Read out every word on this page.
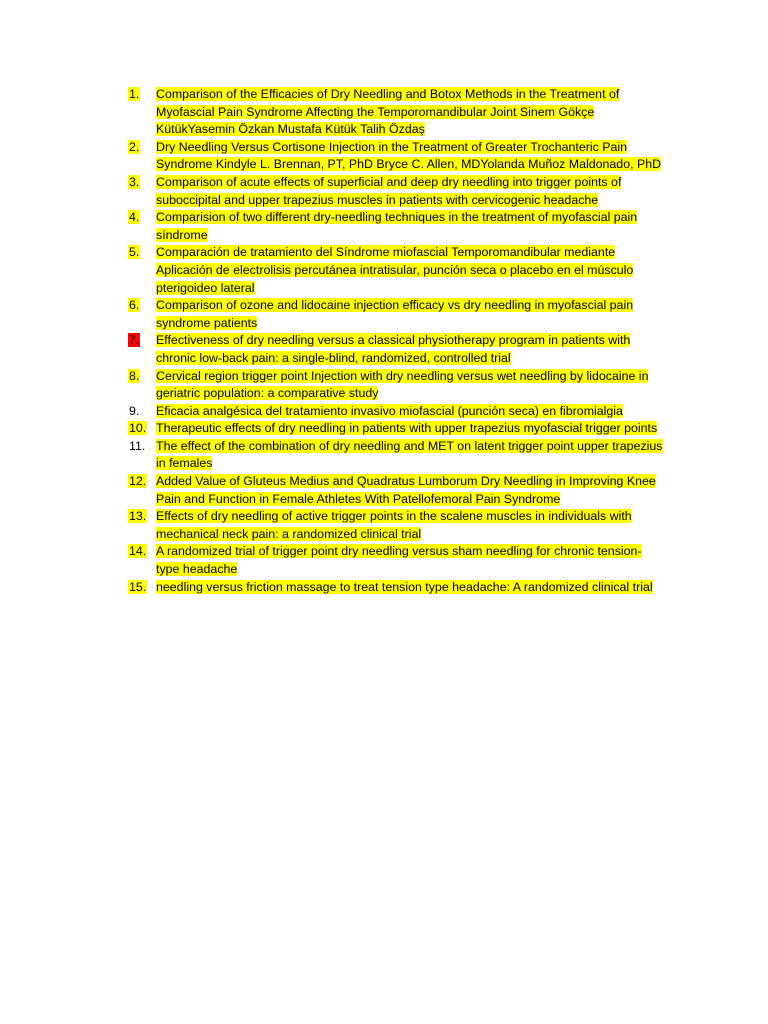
1.	Comparison of the Efficacies of Dry Needling and Botox Methods in the Treatment of Myofascial Pain Syndrome Affecting the Temporomandibular Joint Sinem Gökçe KütükYasemin Özkan Mustafa Kütük Talih Özdaş
2.	Dry Needling Versus Cortisone Injection in the Treatment of Greater Trochanteric Pain Syndrome Kindyle L. Brennan, PT, PhD Bryce C. Allen, MDYolanda Muñoz Maldonado, PhD
3.	Comparison of acute effects of superficial and deep dry needling into trigger points of suboccipital and upper trapezius muscles in patients with cervicogenic headache
4.	Comparision of two different dry-needling techniques in the treatment of myofascial pain síndrome
5.	Comparación de tratamiento del Síndrome miofascial Temporomandibular mediante Aplicación de electrolisis percutánea intratisular, punción seca o placebo en el músculo pterigoideo lateral
6.	Comparison of ozone and lidocaine injection efficacy vs dry needling in myofascial pain syndrome patients
7.	Effectiveness of dry needling versus a classical physiotherapy program in patients with chronic low-back pain: a single-blind, randomized, controlled trial
8.	Cervical region trigger point Injection with dry needling versus wet needling by lidocaine in geriatric population: a comparative study
9.	Eficacia analgésica del tratamiento invasivo miofascial (punción seca) en fibromialgia
10. Therapeutic effects of dry needling in patients with upper trapezius myofascial trigger points
11. The effect of the combination of dry needling and MET on latent trigger point upper trapezius in females
12. Added Value of Gluteus Medius and Quadratus Lumborum Dry Needling in Improving Knee Pain and Function in Female Athletes With Patellofemoral Pain Syndrome
13. Effects of dry needling of active trigger points in the scalene muscles in individuals with mechanical neck pain: a randomized clinical trial
14. A randomized trial of trigger point dry needling versus sham needling for chronic tension-type headache
15. needling versus friction massage to treat tension type headache: A randomized clinical trial
